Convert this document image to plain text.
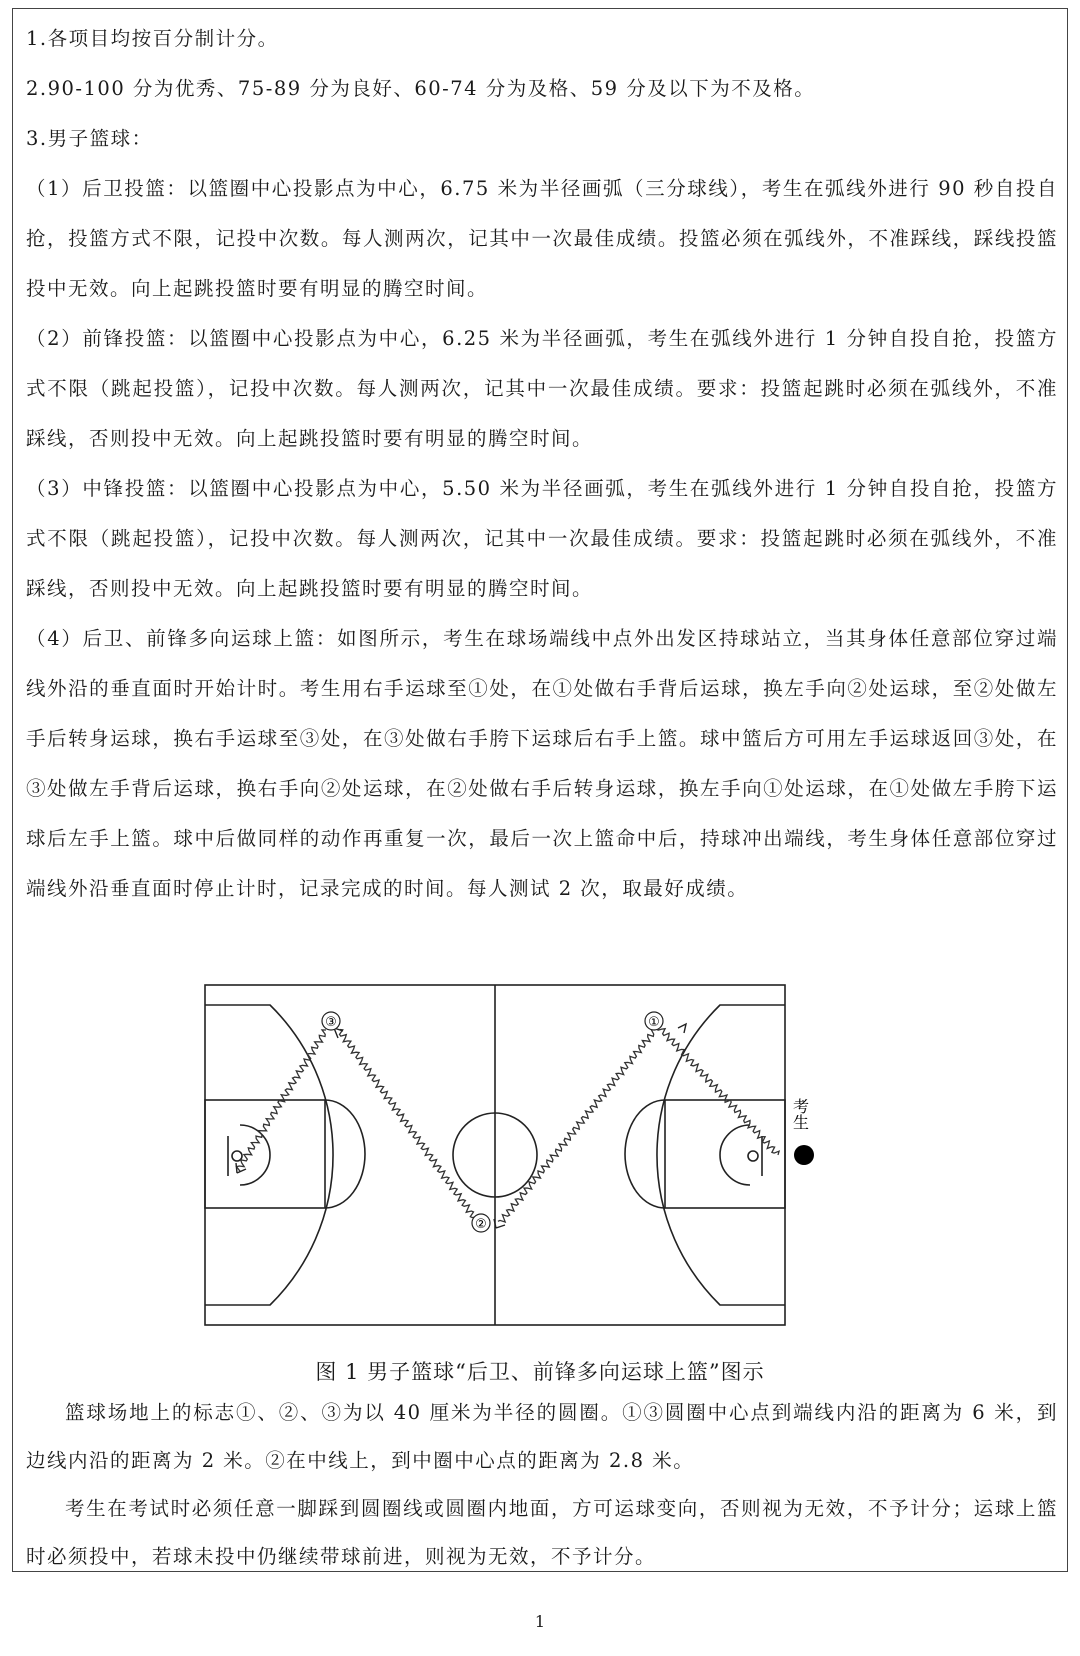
1.各项目均按百分制计分。

2.90-100 分为优秀、75-89 分为良好、60-74 分为及格、59 分及以下为不及格。

3.男子篮球：

（1）后卫投篮：以篮圈中心投影点为中心，6.75 米为半径画弧（三分球线），考生在弧线外进行 90 秒自投自抢，投篮方式不限，记投中次数。每人测两次，记其中一次最佳成绩。投篮必须在弧线外，不准踩线，踩线投篮投中无效。向上起跳投篮时要有明显的腾空时间。

（2）前锋投篮：以篮圈中心投影点为中心，6.25 米为半径画弧，考生在弧线外进行 1 分钟自投自抢，投篮方式不限（跳起投篮），记投中次数。每人测两次，记其中一次最佳成绩。要求：投篮起跳时必须在弧线外，不准踩线，否则投中无效。向上起跳投篮时要有明显的腾空时间。

（3）中锋投篮：以篮圈中心投影点为中心，5.50 米为半径画弧，考生在弧线外进行 1 分钟自投自抢，投篮方式不限（跳起投篮），记投中次数。每人测两次，记其中一次最佳成绩。要求：投篮起跳时必须在弧线外，不准踩线，否则投中无效。向上起跳投篮时要有明显的腾空时间。

（4）后卫、前锋多向运球上篮：如图所示，考生在球场端线中点外出发区持球站立，当其身体任意部位穿过端线外沿的垂直面时开始计时。考生用右手运球至①处，在①处做右手背后运球，换左手向②处运球，至②处做左手后转身运球，换右手运球至③处，在③处做右手胯下运球后右手上篮。球中篮后方可用左手运球返回③处，在③处做左手背后运球，换右手向②处运球，在②处做右手后转身运球，换左手向①处运球，在①处做左手胯下运球后左手上篮。球中后做同样的动作再重复一次，最后一次上篮命中后，持球冲出端线，考生身体任意部位穿过端线外沿垂直面时停止计时，记录完成的时间。每人测试 2 次，取最好成绩。

①
②
③
考生
图 1 男子篮球“后卫、前锋多向运球上篮”图示

篮球场地上的标志①、②、③为以 40 厘米为半径的圆圈。①③圆圈中心点到端线内沿的距离为 6 米，到边线内沿的距离为 2 米。②在中线上，到中圈中心点的距离为 2.8 米。

考生在考试时必须任意一脚踩到圆圈线或圆圈内地面，方可运球变向，否则视为无效，不予计分；运球上篮时必须投中，若球未投中仍继续带球前进，则视为无效，不予计分。

1
